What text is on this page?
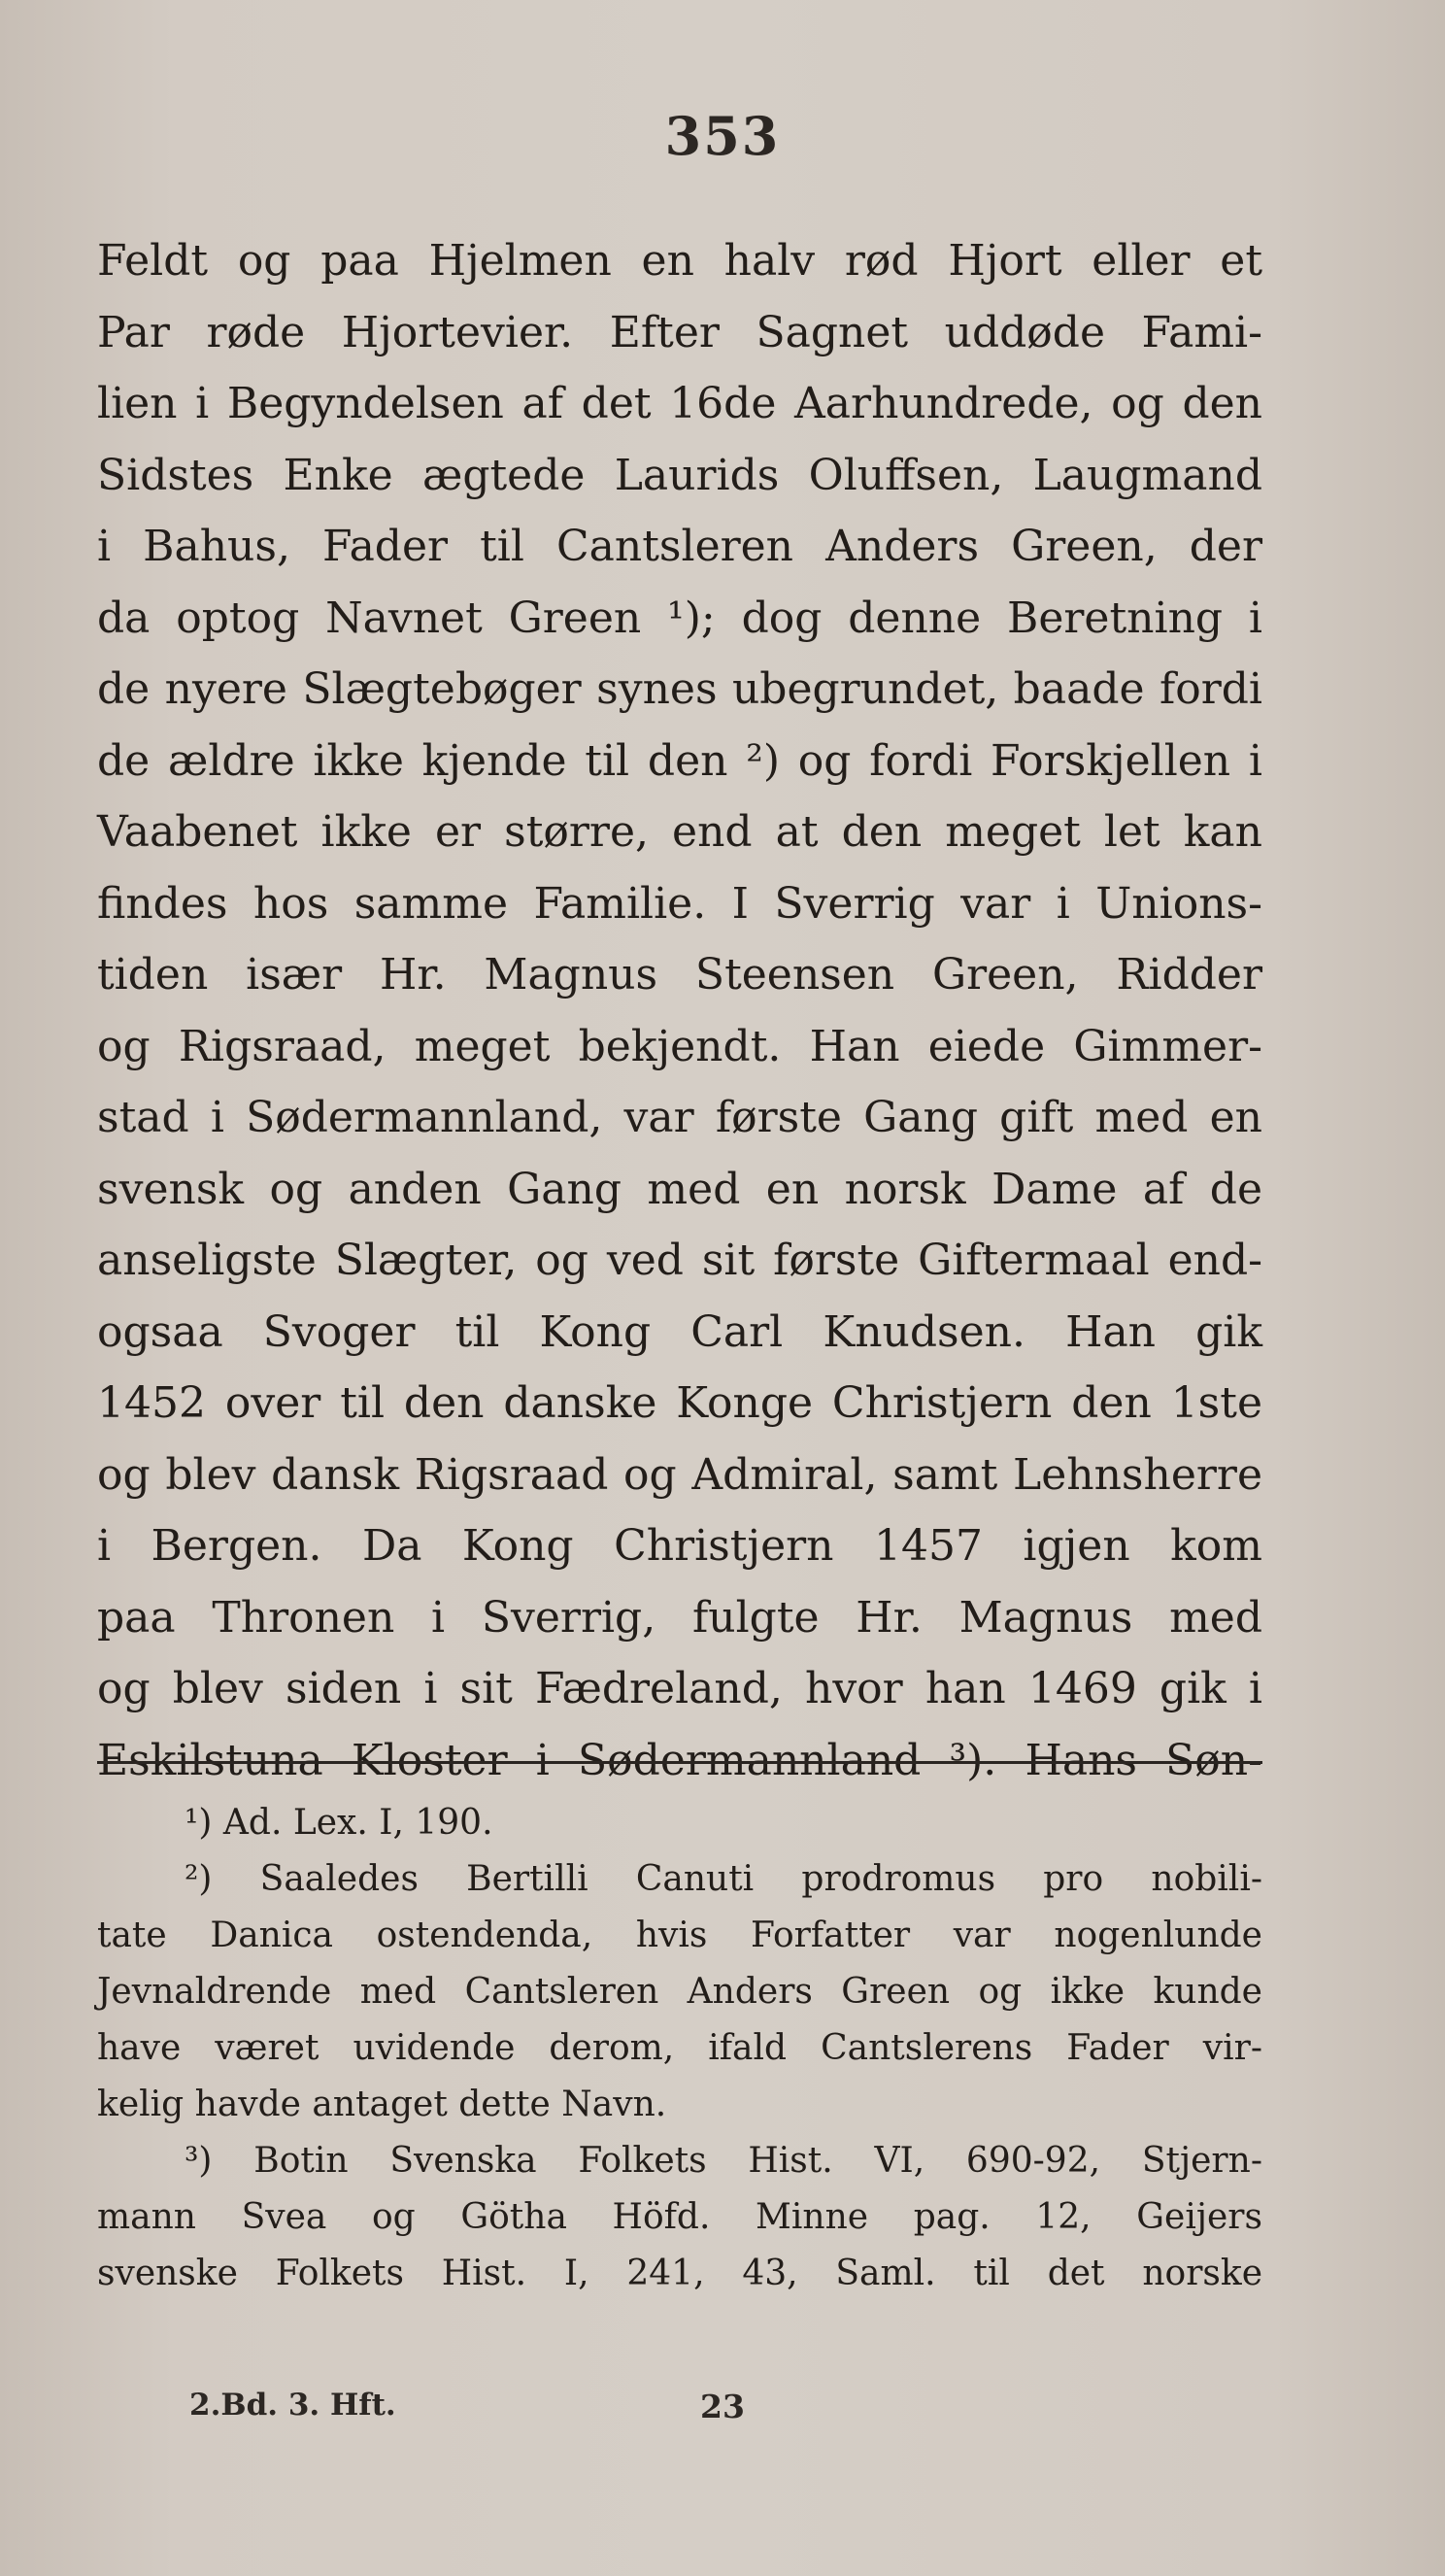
353
Feldt og paa Hjelmen en halv rød Hjort eller et
Par røde Hjortevier. Efter Sagnet uddøde Fami-
lien i Begyndelsen af det 16de Aarhundrede, og den
Sidstes Enke ægtede Laurids Oluffsen, Laugmand
i Bahus, Fader til Cantsleren Anders Green, der
da optog Navnet Green ¹); dog denne Beretning i
de nyere Slægtebøger synes ubegrundet, baade fordi
de ældre ikke kjende til den ²) og fordi Forskjellen i
Vaabenet ikke er større, end at den meget let kan
findes hos samme Familie. I Sverrig var i Unions-
tiden især Hr. Magnus Steensen Green, Ridder
og Rigsraad, meget bekjendt. Han eiede Gimmer-
stad i Sødermannland, var første Gang gift med en
svensk og anden Gang med en norsk Dame af de
anseligste Slægter, og ved sit første Giftermaal end-
ogsaa Svoger til Kong Carl Knudsen. Han gik
1452 over til den danske Konge Christjern den 1ste
og blev dansk Rigsraad og Admiral, samt Lehnsherre
i Bergen. Da Kong Christjern 1457 igjen kom
paa Thronen i Sverrig, fulgte Hr. Magnus med
og blev siden i sit Fædreland, hvor han 1469 gik i
Eskilstuna Kloster i Sødermannland ³). Hans Søn-
¹) Ad. Lex. I, 190.
²) Saaledes Bertilli Canuti prodromus pro nobili-
tate Danica ostendenda, hvis Forfatter var nogenlunde
Jevnaldrende med Cantsleren Anders Green og ikke kunde
have været uvidende derom, ifald Cantslerens Fader vir-
kelig havde antaget dette Navn.
³) Botin Svenska Folkets Hist. VI, 690-92, Stjern-
mann Svea og Götha Höfd. Minne pag. 12, Geijers
svenske Folkets Hist. I, 241, 43, Saml. til det norske
2.Bd. 3. Hft.	23
